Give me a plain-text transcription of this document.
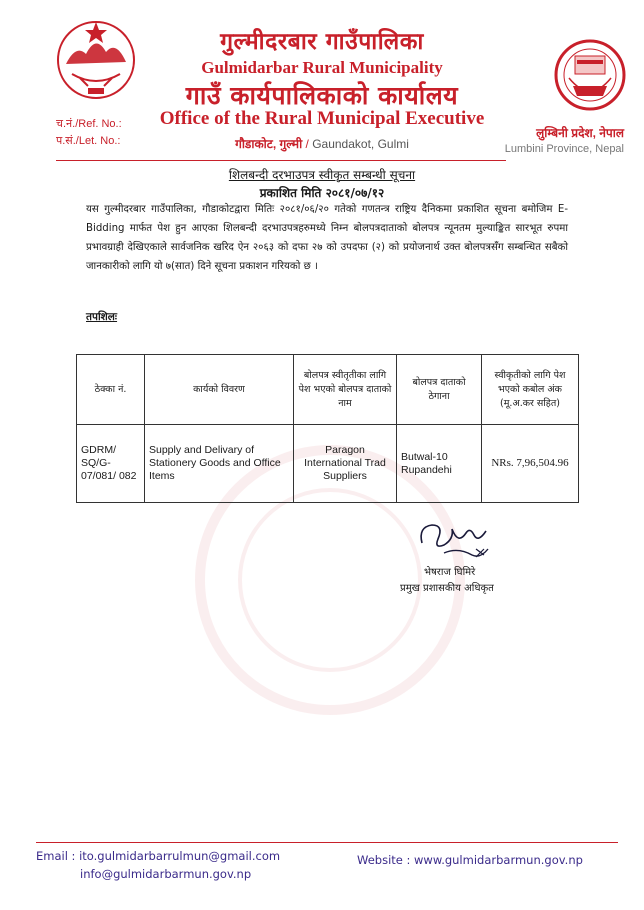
गुल्मीदरबार गाउँपालिका
Gulmidarbar Rural Municipality
गाउँ कार्यपालिकाको कार्यालय
Office of the Rural Municipal Executive
गौडाकोट, गुल्मी / Gaundakot, Gulmi
च.नं./Ref. No.:
प.सं./Let. No.:
लुम्बिनी प्रदेश, नेपाल
Lumbini Province, Nepal
शिलबन्दी दरभाउपत्र स्वीकृत सम्बन्धी सूचना
प्रकाशित मिति २०८१/०७/१२

यस गुल्मीदरबार गाउँपालिका, गौडाकोटद्वारा मितिः २०८१/०६/२० गतेको गणतन्त्र राष्ट्रिय दैनिकमा प्रकाशित सूचना बमोजिम E-Bidding मार्फत पेश हुन आएका शिलबन्दी दरभाउपत्रहरुमध्ये निम्न बोलपत्रदाताको बोलपत्र न्यूनतम मुल्याङ्कित सारभूत रुपमा प्रभावग्राही देखिएकाले सार्वजनिक खरिद ऐन २०६३ को दफा २७ को उपदफा (२) को प्रयोजनार्थ उक्त बोलपत्रसँग सम्बन्धित सबैको जानकारीको लागि यो ७(सात) दिने सूचना प्रकाशन गरियको छ ।

तपशिलः
ठेक्का नं.	कार्यको विवरण	बोलपत्र स्वीतृतीका लागि पेश भएको बोलपत्र दाताको नाम	बोलपत्र दाताको ठेगाना	स्वीकृतीको लागि पेश भएको कबोल अंक (मू.अ.कर सहित)
GDRM/ SQ/G- 07/081/ 082	Supply and Delivary of Stationery Goods and Office Items	Paragon International Trad Suppliers	Butwal-10 Rupandehi	NRs. 7,96,504.96
भेषराज घिमिरे
प्रमुख प्रशासकीय अधिकृत
Email : ito.gulmidarbarrulmun@gmail.com
info@gulmidarbarmun.gov.np
Website : www.gulmidarbarmun.gov.np
